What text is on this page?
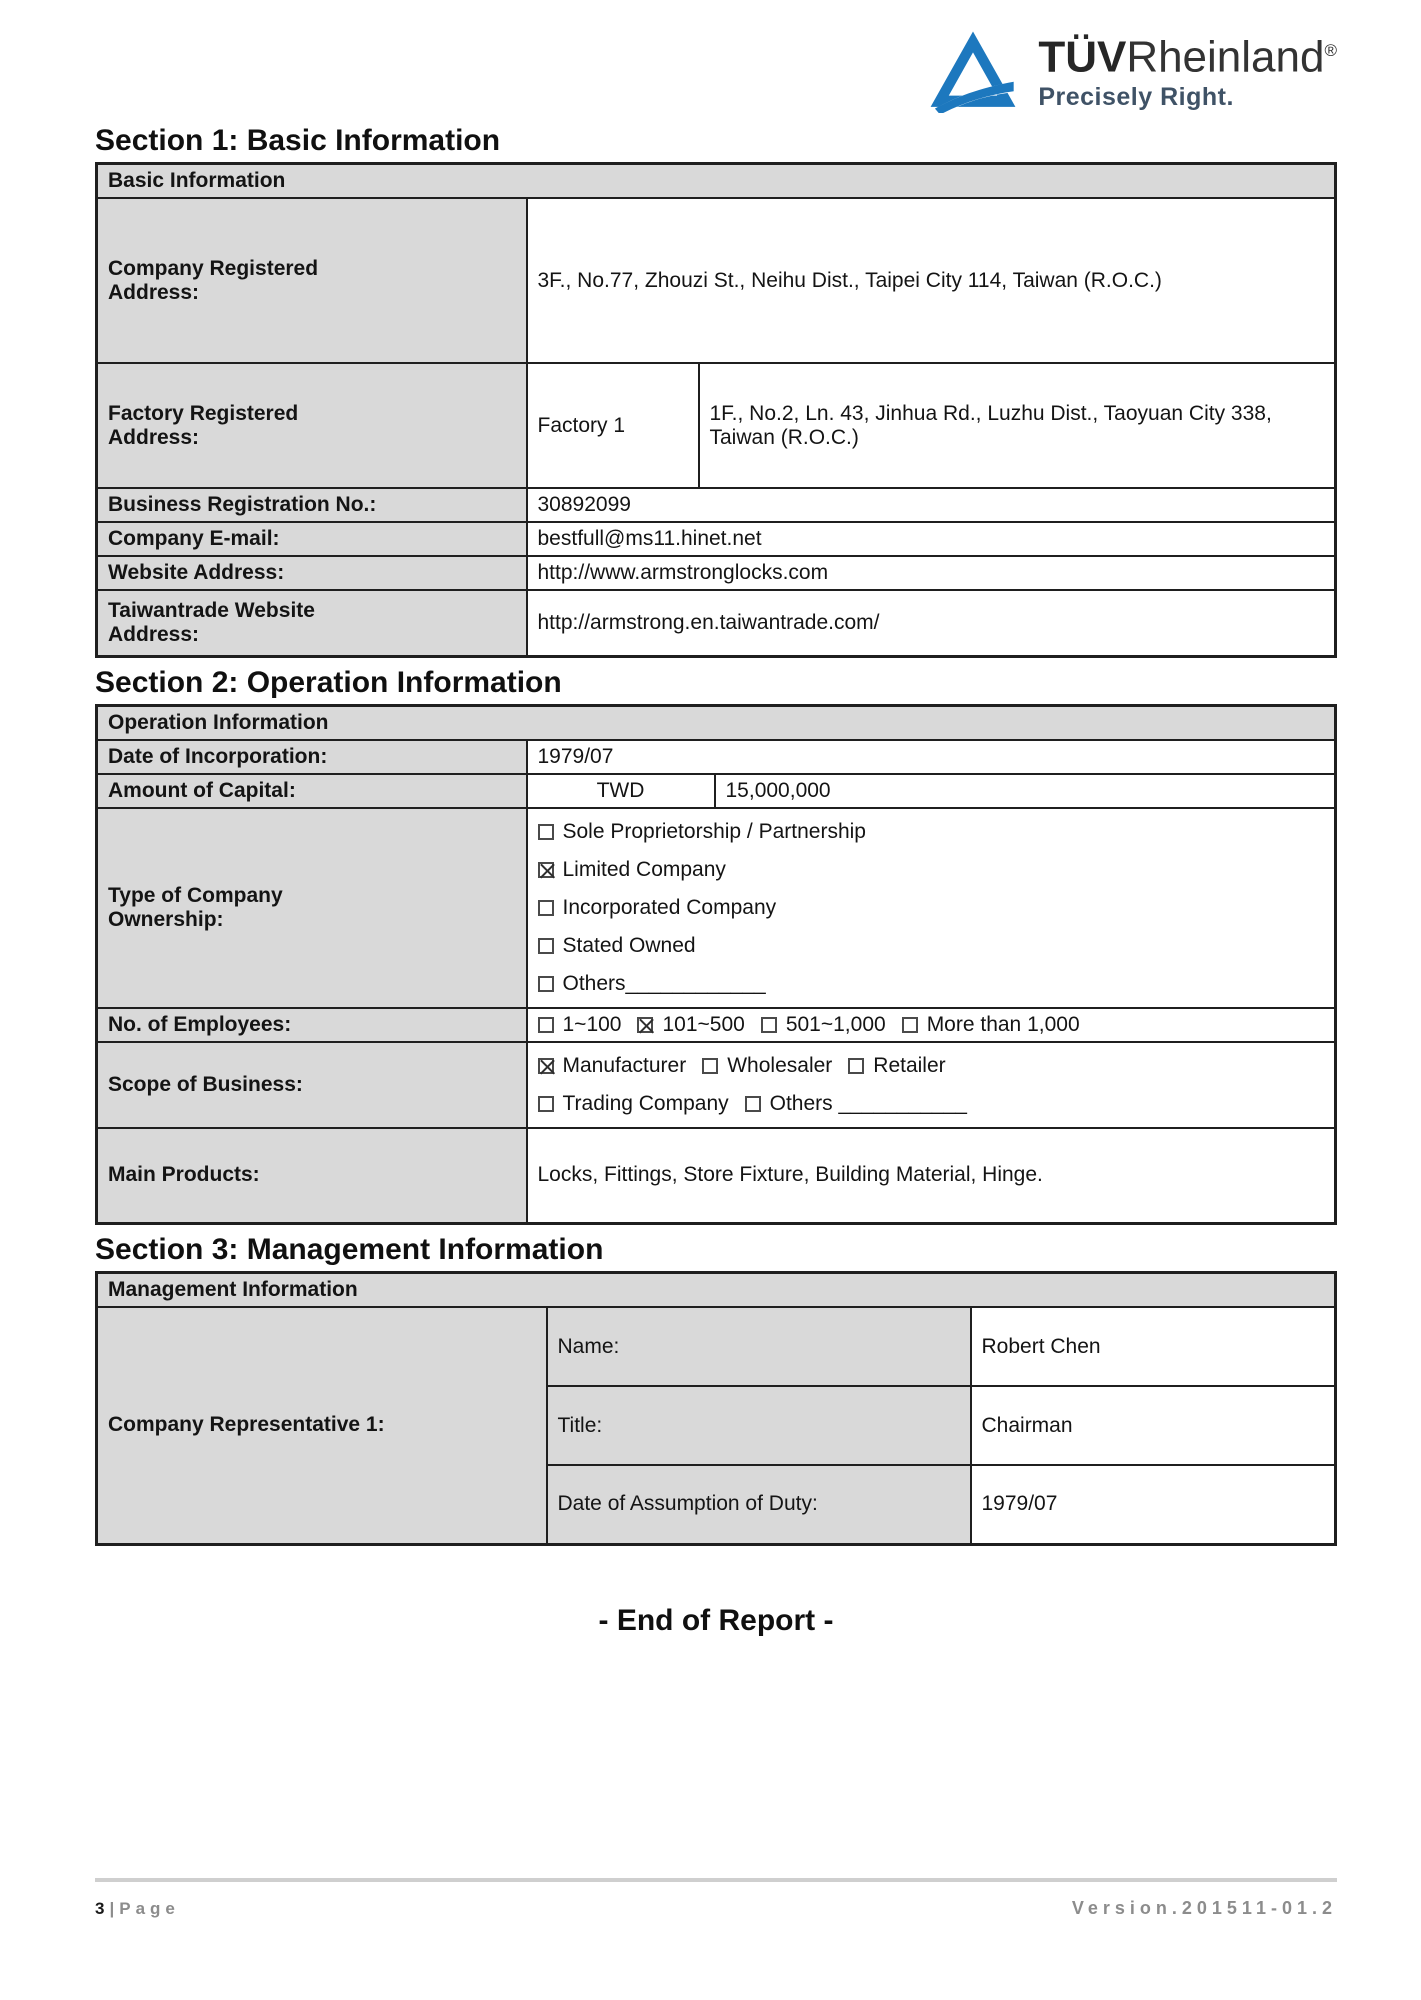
TÜVRheinland®
Precisely Right.
Section 1: Basic Information
Basic Information		
Company Registered Address:	3F., No.77, Zhouzi St., Neihu Dist., Taipei City 114, Taiwan (R.O.C.)	
Factory Registered Address:	Factory 1	1F., No.2, Ln. 43, Jinhua Rd., Luzhu Dist., Taoyuan City 338, Taiwan (R.O.C.)
Business Registration No.:	30892099	
Company E-mail:	bestfull@ms11.hinet.net	
Website Address:	http://www.armstronglocks.com	
Taiwantrade Website Address:	http://armstrong.en.taiwantrade.com/	
Section 2: Operation Information
Operation Information		
Date of Incorporation:	1979/07	
Amount of Capital:	TWD	15,000,000
Type of Company Ownership:	Sole Proprietorship / Partnership
Limited Company
Incorporated Company
Stated Owned
Others____________	

No. of Employees:	1~100 101~500 501~1,000 More than 1,000	

Scope of Business:	Manufacturer Wholesaler Retailer
Trading Company Others ___________	

Main Products:	Locks, Fittings, Store Fixture, Building Material, Hinge.	
Section 3: Management Information
Management Information		
Company Representative 1:	Name:	Robert Chen
	Title:	Chairman
	Date of Assumption of Duty:	1979/07
- End of Report -
3|Page	Version.201511-01.2
